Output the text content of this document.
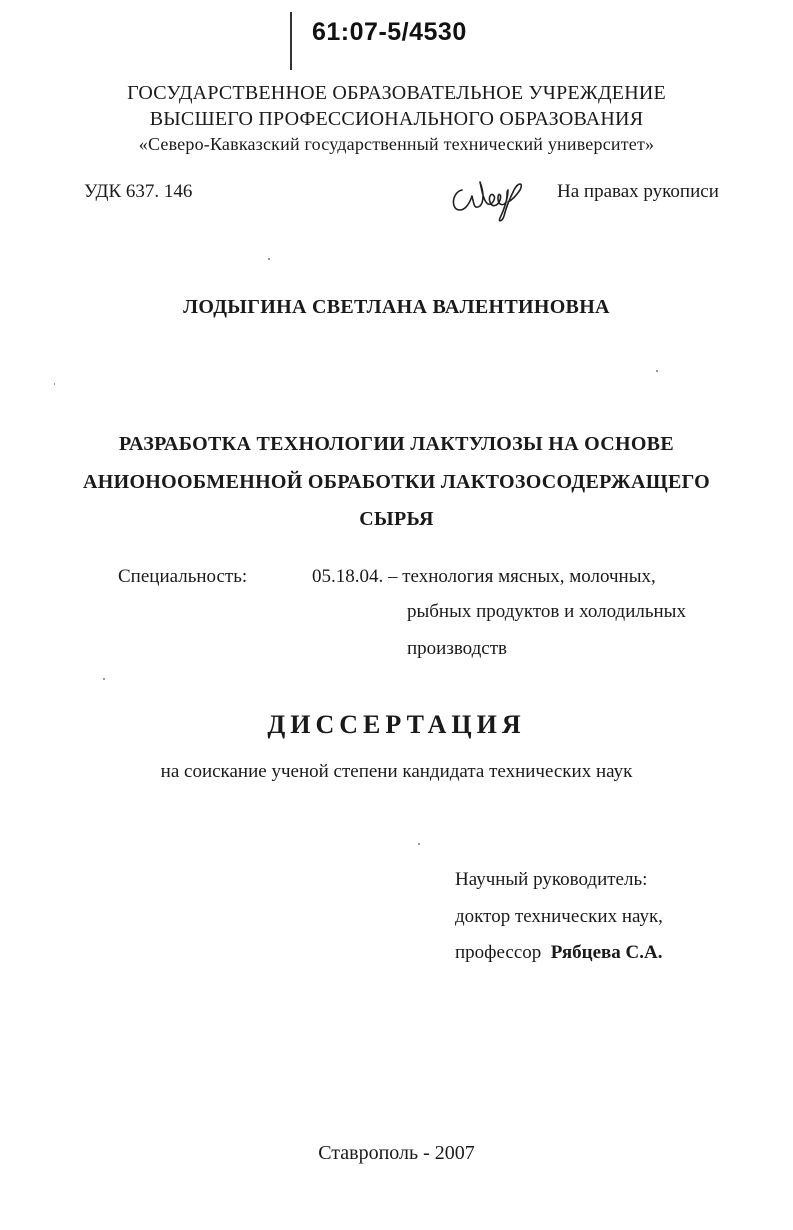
61:07-5/4530
ГОСУДАРСТВЕННОЕ ОБРАЗОВАТЕЛЬНОЕ УЧРЕЖДЕНИЕ
ВЫСШЕГО ПРОФЕССИОНАЛЬНОГО ОБРАЗОВАНИЯ
«Северо-Кавказский государственный технический университет»
УДК 637. 146	На правах рукописи
ЛОДЫГИНА СВЕТЛАНА ВАЛЕНТИНОВНА
РАЗРАБОТКА ТЕХНОЛОГИИ ЛАКТУЛОЗЫ НА ОСНОВЕ
АНИОНООБМЕННОЙ ОБРАБОТКИ ЛАКТОЗОСОДЕРЖАЩЕГО
СЫРЬЯ
Специальность:	05.18.04. – технология мясных, молочных,
рыбных продуктов и холодильных
производств
ДИССЕРТАЦИЯ
на соискание ученой степени кандидата технических наук
Научный руководитель:
доктор технических наук,
профессор Рябцева С.А.
Ставрополь - 2007
